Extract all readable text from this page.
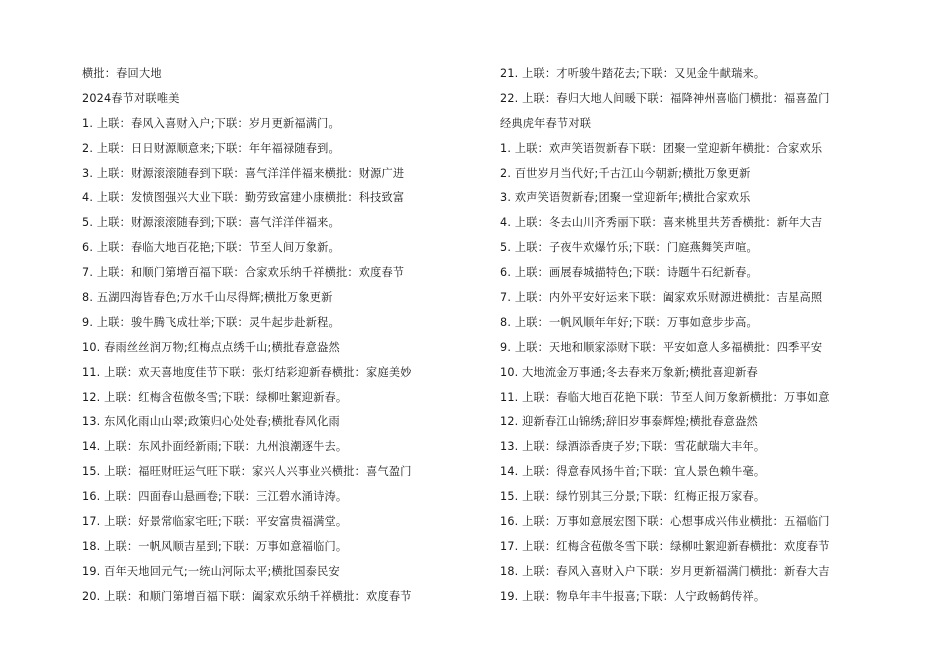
横批：春回大地
2024春节对联唯美
1. 上联：春风入喜财入户;下联：岁月更新福满门。
2. 上联：日日财源顺意来;下联：年年福禄随春到。
3. 上联：财源滚滚随春到下联：喜气洋洋伴福来横批：财源广进
4. 上联：发愤图强兴大业下联：勤劳致富建小康横批：科技致富
5. 上联：财源滚滚随春到;下联：喜气洋洋伴福来。
6. 上联：春临大地百花艳;下联：节至人间万象新。
7. 上联：和顺门第增百福下联：合家欢乐纳千祥横批：欢度春节
8. 五湖四海皆春色;万水千山尽得辉;横批万象更新
9. 上联：骏牛腾飞成壮举;下联：灵牛起步赴新程。
10. 春雨丝丝润万物;红梅点点绣千山;横批春意盎然
11. 上联：欢天喜地度佳节下联：张灯结彩迎新春横批：家庭美妙
12. 上联：红梅含苞傲冬雪;下联：绿柳吐絮迎新春。
13. 东风化雨山山翠;政策归心处处春;横批春风化雨
14. 上联：东风扑面经新雨;下联：九州浪潮逐牛去。
15. 上联：福旺财旺运气旺下联：家兴人兴事业兴横批：喜气盈门
16. 上联：四面春山悬画卷;下联：三江碧水涌诗涛。
17. 上联：好景常临家宅旺;下联：平安富贵福满堂。
18. 上联：一帆风顺吉星到;下联：万事如意福临门。
19. 百年天地回元气;一统山河际太平;横批国泰民安
20. 上联：和顺门第增百福下联：阖家欢乐纳千祥横批：欢度春节
21. 上联：才听骏牛踏花去;下联：又见金牛献瑞来。
22. 上联：春归大地人间暖下联：福降神州喜临门横批：福喜盈门
经典虎年春节对联
1. 上联：欢声笑语贺新春下联：团聚一堂迎新年横批：合家欢乐
2. 百世岁月当代好;千古江山今朝新;横批万象更新
3. 欢声笑语贺新春;团聚一堂迎新年;横批合家欢乐
4. 上联：冬去山川齐秀丽下联：喜来桃里共芳香横批：新年大吉
5. 上联：子夜牛欢爆竹乐;下联：门庭燕舞笑声喧。
6. 上联：画展春城描特色;下联：诗题牛石纪新春。
7. 上联：内外平安好运来下联：阖家欢乐财源进横批：吉星高照
8. 上联：一帆风顺年年好;下联：万事如意步步高。
9. 上联：天地和顺家添财下联：平安如意人多福横批：四季平安
10. 大地流金万事通;冬去春来万象新;横批喜迎新春
11. 上联：春临大地百花艳下联：节至人间万象新横批：万事如意
12. 迎新春江山锦绣;辞旧岁事泰辉煌;横批春意盎然
13. 上联：绿酒添香庚子岁;下联：雪花献瑞大丰年。
14. 上联：得意春风扬牛首;下联：宜人景色赖牛毫。
15. 上联：绿竹别其三分景;下联：红梅正报万家春。
16. 上联：万事如意展宏图下联：心想事成兴伟业横批：五福临门
17. 上联：红梅含苞傲冬雪下联：绿柳吐絮迎新春横批：欢度春节
18. 上联：春风入喜财入户下联：岁月更新福满门横批：新春大吉
19. 上联：物阜年丰牛报喜;下联：人宁政畅鹤传祥。
